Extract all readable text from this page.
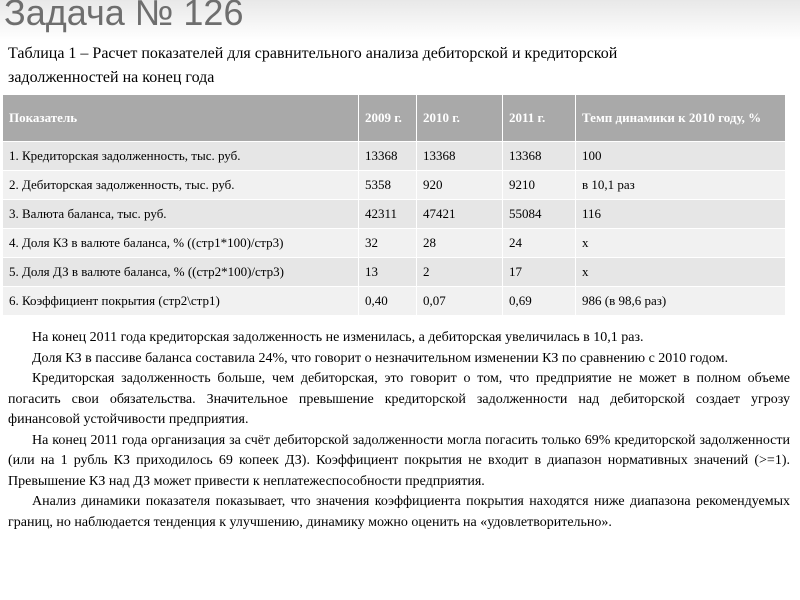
Задача № 126

Таблица 1 – Расчет показателей для сравнительного анализа дебиторской и кредиторской задолженностей на конец года

Показатель	2009 г.	2010 г.	2011 г.	Темп динамики к 2010 году, %
1. Кредиторская задолженность, тыс. руб.	13368	13368	13368	100
2. Дебиторская задолженность, тыс. руб.	5358	920	9210	в 10,1 раз
3. Валюта баланса, тыс. руб.	42311	47421	55084	116
4. Доля КЗ в валюте баланса, % ((стр1*100)/стр3)	32	28	24	х
5. Доля ДЗ в валюте баланса, % ((стр2*100)/стр3)	13	2	17	х
6. Коэффициент покрытия (стр2\стр1)	0,40	0,07	0,69	986 (в 98,6 раз)

На конец 2011 года кредиторская задолженность не изменилась, а дебиторская увеличилась в 10,1 раз.

Доля КЗ в пассиве баланса составила 24%, что говорит о незначительном изменении КЗ по сравнению с 2010 годом.

Кредиторская задолженность больше, чем дебиторская, это говорит о том, что предприятие не может в полном объеме погасить свои обязательства. Значительное превышение кредиторской задолженности над дебиторской создает угрозу финансовой устойчивости предприятия.

На конец 2011 года организация за счёт дебиторской задолженности могла погасить только 69% кредиторской задолженности (или на 1 рубль КЗ приходилось 69 копеек ДЗ). Коэффициент покрытия не входит в диапазон нормативных значений (>=1). Превышение КЗ над ДЗ может привести к неплатежеспособности предприятия.

Анализ динамики показателя показывает, что значения коэффициента покрытия находятся ниже диапазона рекомендуемых границ, но наблюдается тенденция к улучшению, динамику можно оценить на «удовлетворительно».
